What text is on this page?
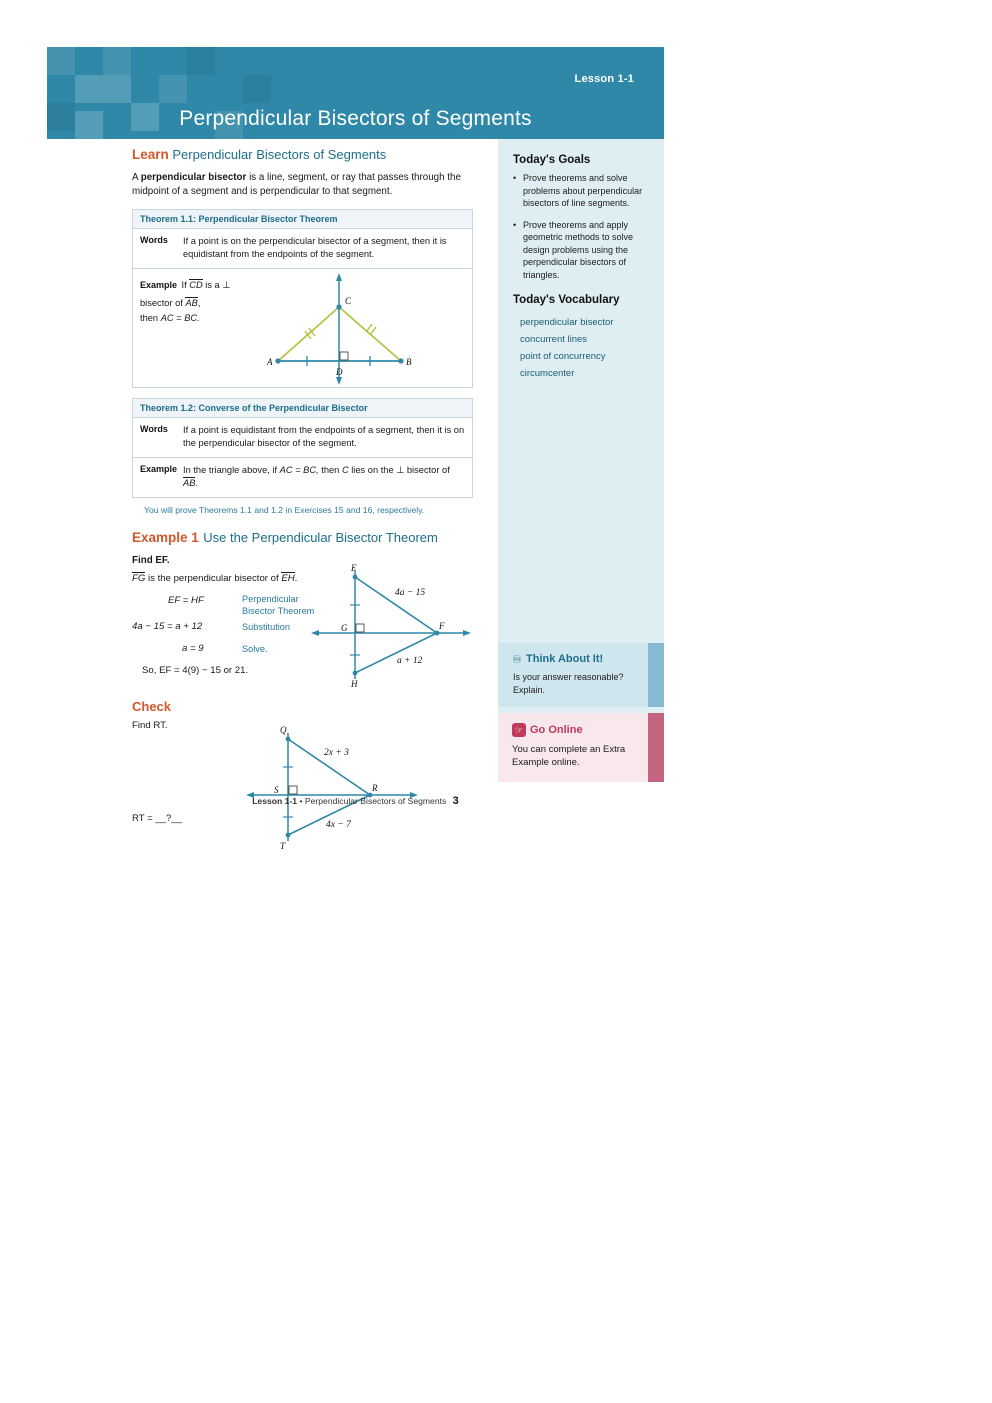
Lesson 1-1
Perpendicular Bisectors of Segments
Today's Goals
• Prove theorems and solve problems about perpendicular bisectors of line segments.
• Prove theorems and apply geometric methods to solve design problems using the perpendicular bisectors of triangles.
Today's Vocabulary
perpendicular bisector
concurrent lines
point of concurrency
circumcenter
♾ Think About It!
Is your answer reasonable? Explain.
☞ Go Online
You can complete an Extra Example online.

Learn Perpendicular Bisectors of Segments

A perpendicular bisector is a line, segment, or ray that passes through the midpoint of a segment and is perpendicular to that segment.

Theorem 1.1: Perpendicular Bisector Theorem
Words	If a point is on the perpendicular bisector of a segment, then it is equidistant from the endpoints of the segment.
Example If CD is a ⊥ bisector of AB,
then AC = BC.
A	B
C
D
Theorem 1.2: Converse of the Perpendicular Bisector
Words	If a point is equidistant from the endpoints of a segment, then it is on the perpendicular bisector of the segment.
Example In the triangle above, if AC = BC, then C lies on the ⊥ bisector of AB.
You will prove Theorems 1.1 and 1.2 in Exercises 15 and 16, respectively.

Example 1 Use the Perpendicular Bisector Theorem

Find EF.

FG is the perpendicular bisector of EH.
EF = HF	Perpendicular Bisector Theorem
4a − 15 = a + 12	Substitution
a = 9	Solve.
So, EF = 4(9) − 15 or 21.
E
H
F
G
4a − 15
a + 12
Check
Find RT.
RT = __?__
Q
T
R
S
2x + 3
4x − 7
Lesson 1-1 • Perpendicular Bisectors of Segments 3
